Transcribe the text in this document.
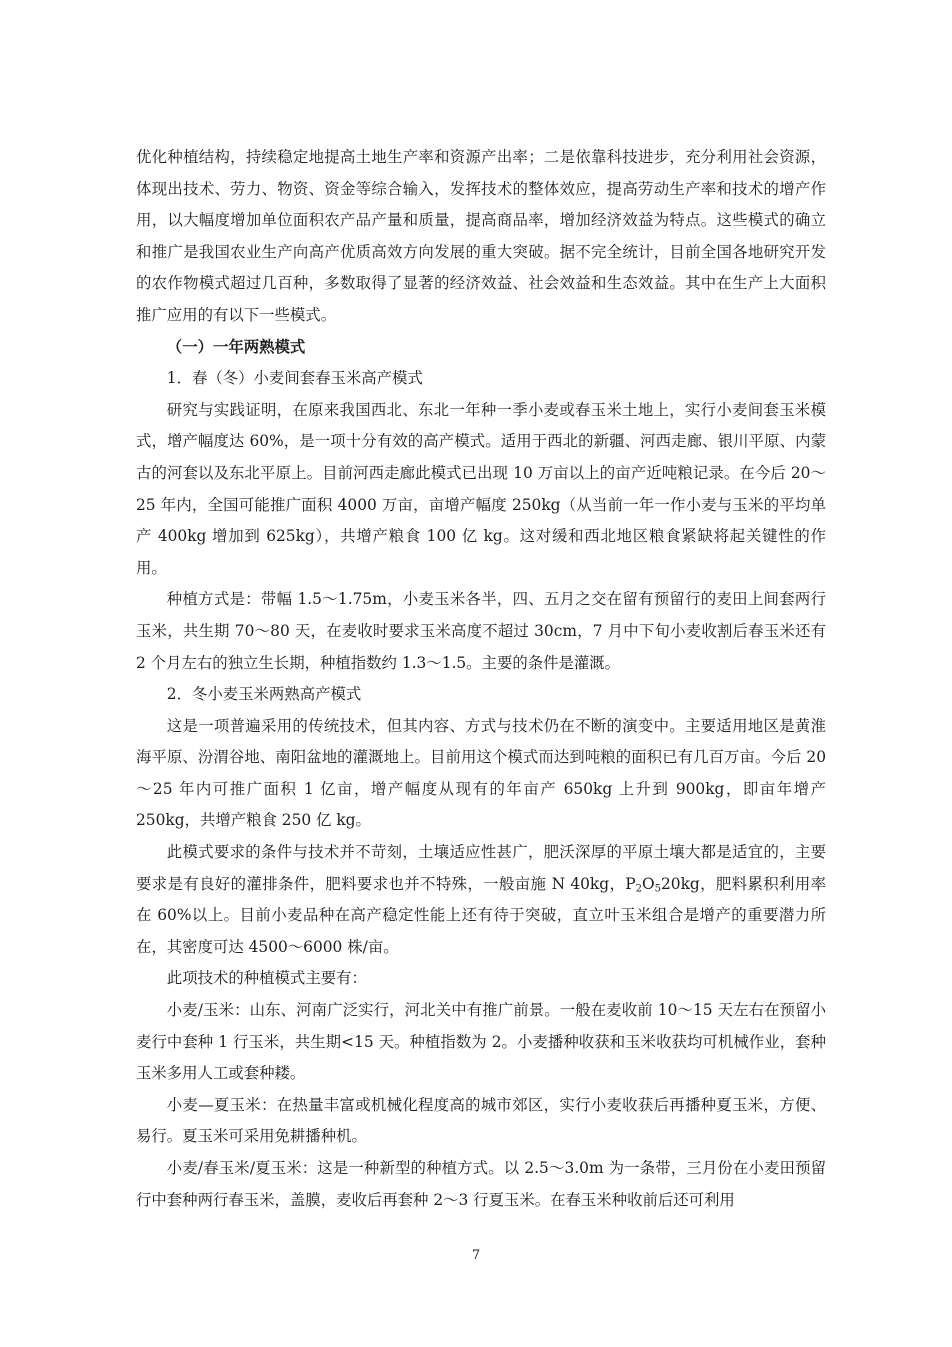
优化种植结构，持续稳定地提高土地生产率和资源产出率；二是依靠科技进步，充分利用社会资源，体现出技术、劳力、物资、资金等综合输入，发挥技术的整体效应，提高劳动生产率和技术的增产作用，以大幅度增加单位面积农产品产量和质量，提高商品率，增加经济效益为特点。这些模式的确立和推广是我国农业生产向高产优质高效方向发展的重大突破。据不完全统计，目前全国各地研究开发的农作物模式超过几百种，多数取得了显著的经济效益、社会效益和生态效益。其中在生产上大面积推广应用的有以下一些模式。

（一）一年两熟模式

1．春（冬）小麦间套春玉米高产模式

研究与实践证明，在原来我国西北、东北一年种一季小麦或春玉米土地上，实行小麦间套玉米模式，增产幅度达 60%，是一项十分有效的高产模式。适用于西北的新疆、河西走廊、银川平原、内蒙古的河套以及东北平原上。目前河西走廊此模式已出现 10 万亩以上的亩产近吨粮记录。在今后 20～25 年内，全国可能推广面积 4000 万亩，亩增产幅度 250kg（从当前一年一作小麦与玉米的平均单产 400kg 增加到 625kg），共增产粮食 100 亿 kg。这对缓和西北地区粮食紧缺将起关键性的作用。

种植方式是：带幅 1.5～1.75m，小麦玉米各半，四、五月之交在留有预留行的麦田上间套两行玉米，共生期 70～80 天，在麦收时要求玉米高度不超过 30cm，7 月中下旬小麦收割后春玉米还有 2 个月左右的独立生长期，种植指数约 1.3～1.5。主要的条件是灌溉。

2．冬小麦玉米两熟高产模式

这是一项普遍采用的传统技术，但其内容、方式与技术仍在不断的演变中。主要适用地区是黄淮海平原、汾渭谷地、南阳盆地的灌溉地上。目前用这个模式而达到吨粮的面积已有几百万亩。今后 20～25 年内可推广面积 1 亿亩，增产幅度从现有的年亩产 650kg 上升到 900kg，即亩年增产 250kg，共增产粮食 250 亿 kg。

此模式要求的条件与技术并不苛刻，土壤适应性甚广，肥沃深厚的平原土壤大都是适宜的，主要要求是有良好的灌排条件，肥料要求也并不特殊，一般亩施 N 40kg，$P_2O_520kg$，肥料累积利用率在 60%以上。目前小麦品种在高产稳定性能上还有待于突破，直立叶玉米组合是增产的重要潜力所在，其密度可达 4500～6000 株/亩。

此项技术的种植模式主要有：

小麦/玉米：山东、河南广泛实行，河北关中有推广前景。一般在麦收前 10～15 天左右在预留小麦行中套种 1 行玉米，共生期<15 天。种植指数为 2。小麦播种收获和玉米收获均可机械作业，套种玉米多用人工或套种耧。

小麦—夏玉米：在热量丰富或机械化程度高的城市郊区，实行小麦收获后再播种夏玉米，方便、易行。夏玉米可采用免耕播种机。

小麦/春玉米/夏玉米：这是一种新型的种植方式。以 2.5～3.0m 为一条带，三月份在小麦田预留行中套种两行春玉米，盖膜，麦收后再套种 2～3 行夏玉米。在春玉米种收前后还可利用

7
